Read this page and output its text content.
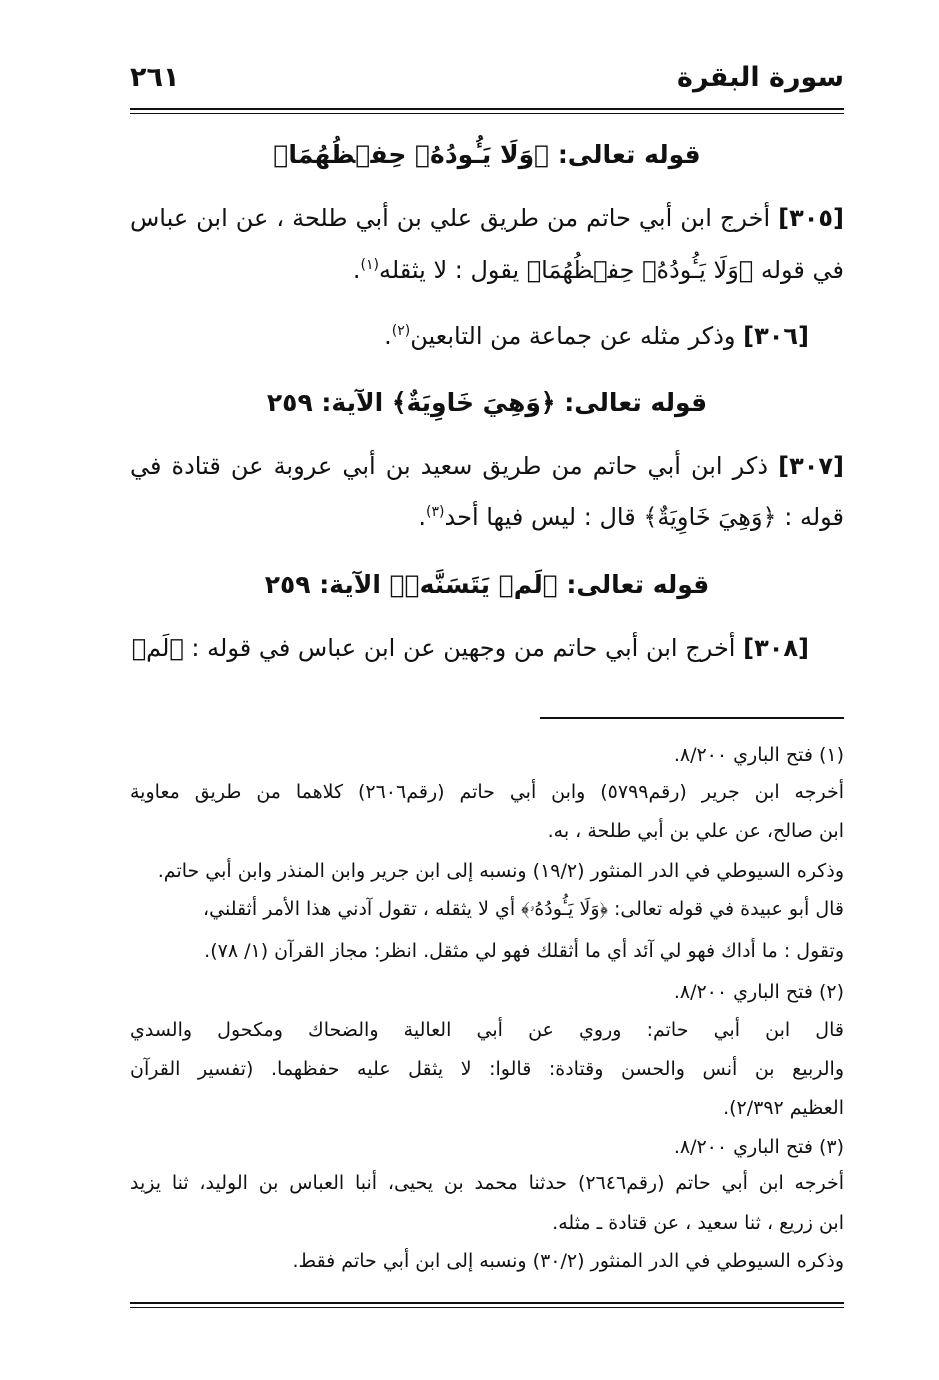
سورة البقرة
٢٦١
قوله تعالى: ﴿وَلَا يَـُٔودُهُۥ حِفۡظُهُمَا﴾
[٣٠٥] أخرج ابن أبي حاتم من طريق علي بن أبي طلحة ، عن ابن عباس
في قوله ﴿وَلَا يَـُٔودُهُۥ حِفۡظُهُمَا﴾ يقول : لا يثقله$^{(١)}$.
[٣٠٦] وذكر مثله عن جماعة من التابعين$^{(٢)}$.
قوله تعالى: ﴿وَهِيَ خَاوِيَةٌ﴾ الآية: ٢٥٩
[٣٠٧] ذكر ابن أبي حاتم من طريق سعيد بن أبي عروبة عن قتادة في
قوله : ﴿وَهِيَ خَاوِيَةٌ﴾ قال : ليس فيها أحد$^{(٣)}$.
قوله تعالى: ﴿لَمۡ يَتَسَنَّهۡ﴾ الآية: ٢٥٩
[٣٠٨] أخرج ابن أبي حاتم من وجهين عن ابن عباس في قوله : ﴿لَمۡ
(١) فتح الباري ٨/٢٠٠.
أخرجه ابن جرير (رقم٥٧٩٩) وابن أبي حاتم (رقم٢٦٠٦) كلاهما من طريق معاوية
ابن صالح، عن علي بن أبي طلحة ، به.
وذكره السيوطي في الدر المنثور (١٩/٢) ونسبه إلى ابن جرير وابن المنذر وابن أبي حاتم.
قال أبو عبيدة في قوله تعالى: ﴿وَلَا يَـُٔودُهُۥ﴾ أي لا يثقله ، تقول آدني هذا الأمر أثقلني،
وتقول : ما أداك فهو لي آئد أي ما أثقلك فهو لي مثقل. انظر: مجاز القرآن (١/ ٧٨).
(٢) فتح الباري ٨/٢٠٠.
قال ابن أبي حاتم: وروي عن أبي العالية والضحاك ومكحول والسدي
والربيع بن أنس والحسن وقتادة: قالوا: لا يثقل عليه حفظهما. (تفسير القرآن
العظيم ٢/٣٩٢).
(٣) فتح الباري ٨/٢٠٠.
أخرجه ابن أبي حاتم (رقم٢٦٤٦) حدثنا محمد بن يحيى، أنبا العباس بن الوليد، ثنا يزيد
ابن زريع ، ثنا سعيد ، عن قتادة ـ مثله.
وذكره السيوطي في الدر المنثور (٣٠/٢) ونسبه إلى ابن أبي حاتم فقط.
